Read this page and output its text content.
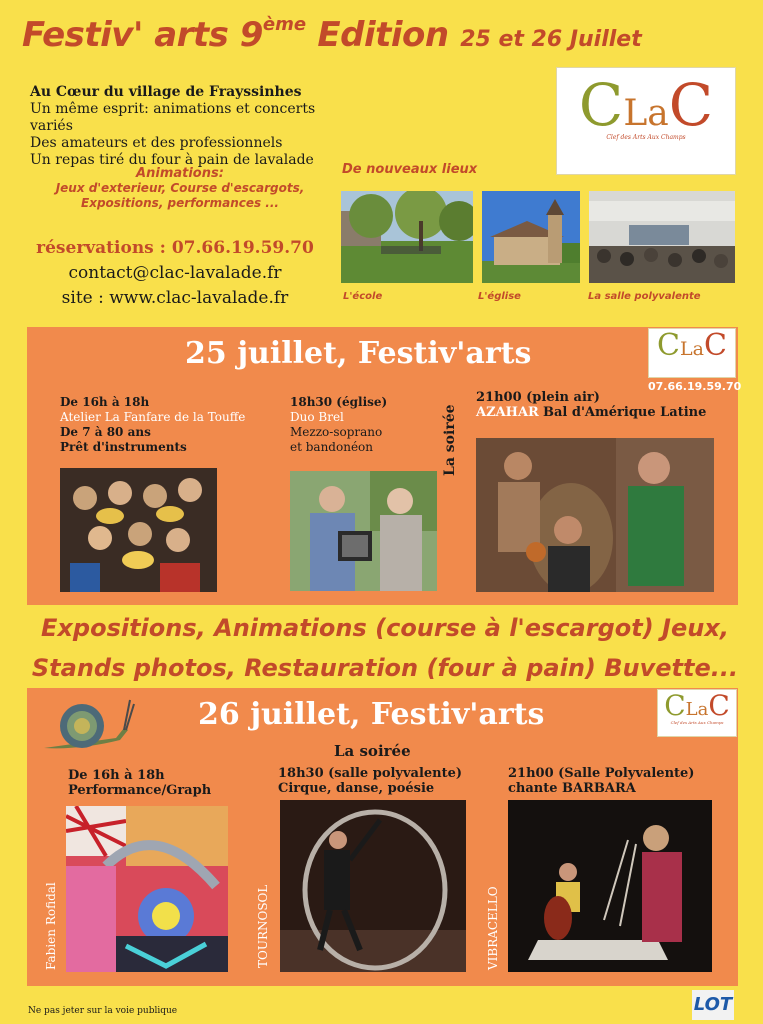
Festiv' arts 9ème Edition 25 et 26 Juillet
Au Cœur du village de Frayssinhes
Un même esprit: animations et concerts variés
Des amateurs et des professionnels
Un repas tiré du four à pain de lavalade
Animations:
Jeux d'exterieur, Course d'escargots,
Expositions, performances ...
réservations : 07.66.19.59.70
contact@clac-lavalade.fr
site : www.clac-lavalade.fr
CLaC
Clef des Arts Aux Champs
De nouveaux lieux
L'école	L'église	La salle polyvalente
25 juillet, Festiv'arts	CLaC
07.66.19.59.70
De 16h à 18h
Atelier La Fanfare de la Touffe
De 7 à 80 ans
Prêt d'instruments
18h30 (église)
Duo Brel
Mezzo-soprano
et bandonéon	La soirée
21h00 (plein air)
AZAHAR Bal d'Amérique Latine
Expositions, Animations (course à l'escargot) Jeux,
Stands photos, Restauration (four à pain) Buvette...
26 juillet, Festiv'arts	CLaC
Clef des Arts Aux Champs
La soirée
De 16h à 18h
Performance/Graph
18h30 (salle polyvalente)
Cirque, danse, poésie
21h00 (Salle Polyvalente)
chante BARBARA
Fabien Rofidal	TOURNOSOL	VIBRACELLO
Ne pas jeter sur la voie publique	LOT
